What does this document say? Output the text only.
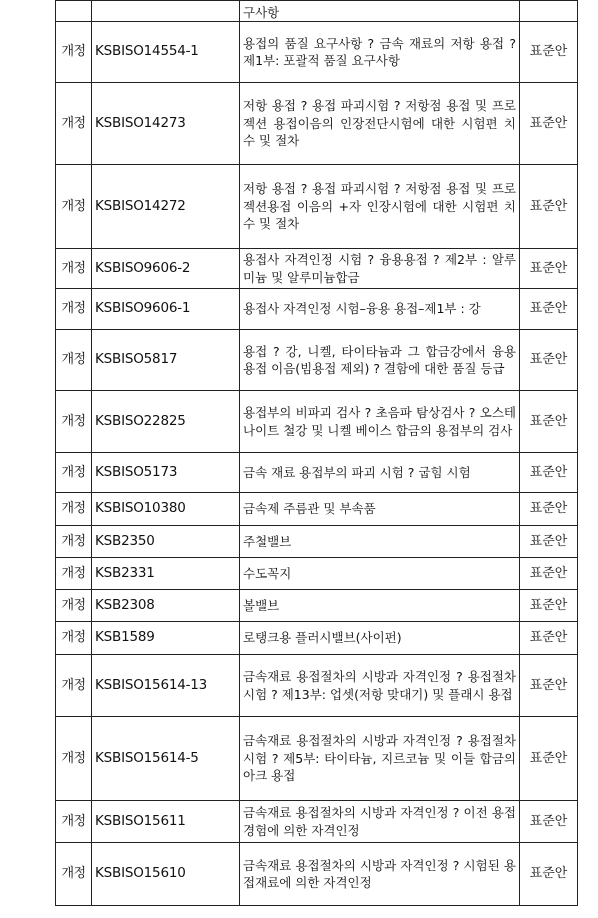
		구사항	
개정	KSBISO14554-1	용접의 품질 요구사항 ? 금속 재료의 저항 용접 ? 제1부: 포괄적 품질 요구사항	표준안
개정	KSBISO14273	저항 용접 ? 용접 파괴시험 ? 저항점 용접 및 프로젝션 용접이음의 인장전단시험에 대한 시험편 치수 및 절차	표준안
개정	KSBISO14272	저항 용접 ? 용접 파괴시험 ? 저항점 용접 및 프로젝션용접 이음의 +자 인장시험에 대한 시험편 치수 및 절차	표준안
개정	KSBISO9606-2	용접사 자격인정 시험 ? 융용용접 ? 제2부 : 알루미늄 및 알루미늄합금	표준안
개정	KSBISO9606-1	용접사 자격인정 시험–융용 용접–제1부 : 강	표준안
개정	KSBISO5817	용접 ? 강, 니켈, 타이타늄과 그 합금강에서 융용 용접 이음(빔용접 제외) ? 결함에 대한 품질 등급	표준안
개정	KSBISO22825	용접부의 비파괴 검사 ? 초음파 탐상검사 ? 오스테나이트 철강 및 니켈 베이스 합금의 용접부의 검사	표준안
개정	KSBISO5173	금속 재료 용접부의 파괴 시험 ? 굽힘 시험	표준안
개정	KSBISO10380	금속제 주름관 및 부속품	표준안
개정	KSB2350	주철밸브	표준안
개정	KSB2331	수도꼭지	표준안
개정	KSB2308	볼밸브	표준안
개정	KSB1589	로탱크용 플러시밸브(사이펀)	표준안
개정	KSBISO15614-13	금속재료 용접절차의 시방과 자격인정 ? 용접절차 시험 ? 제13부: 업셋(저항 맞대기) 및 플래시 용접	표준안
개정	KSBISO15614-5	금속재료 용접절차의 시방과 자격인정 ? 용접절차 시험 ? 제5부: 타이타늄, 지르코늄 및 이들 합금의 아크 용접	표준안
개정	KSBISO15611	금속재료 용접절차의 시방과 자격인정 ? 이전 용접경험에 의한 자격인정	표준안
개정	KSBISO15610	금속재료 용접절차의 시방과 자격인정 ? 시험된 용접재료에 의한 자격인정	표준안
